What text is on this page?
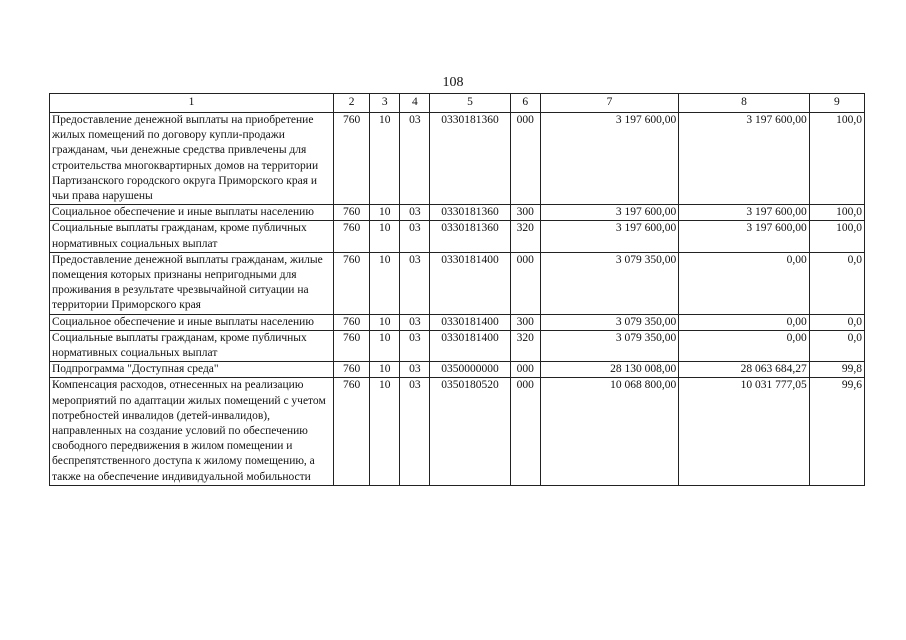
108
1	2	3	4	5	6	7	8	9
Предоставление денежной выплаты на приобретение жилых помещений по договору купли-продажи гражданам, чьи денежные средства привлечены для строительства многоквартирных домов на территории Партизанского городского округа Приморского края и чьи права нарушены	760	10	03	0330181360	000	3 197 600,00	3 197 600,00	100,0
Социальное обеспечение и иные выплаты населению	760	10	03	0330181360	300	3 197 600,00	3 197 600,00	100,0
Социальные выплаты гражданам, кроме публичных нормативных социальных выплат	760	10	03	0330181360	320	3 197 600,00	3 197 600,00	100,0
Предоставление денежной выплаты гражданам, жилые помещения которых признаны непригодными для проживания в результате чрезвычайной ситуации на территории Приморского края	760	10	03	0330181400	000	3 079 350,00	0,00	0,0
Социальное обеспечение и иные выплаты населению	760	10	03	0330181400	300	3 079 350,00	0,00	0,0
Социальные выплаты гражданам, кроме публичных нормативных социальных выплат	760	10	03	0330181400	320	3 079 350,00	0,00	0,0
Подпрограмма "Доступная среда"	760	10	03	0350000000	000	28 130 008,00	28 063 684,27	99,8
Компенсация расходов, отнесенных на реализацию мероприятий по адаптации жилых помещений с учетом потребностей инвалидов (детей-инвалидов), направленных на создание условий по обеспечению свободного передвижения в жилом помещении и беспрепятственного доступа к жилому помещению, а также на обеспечение индивидуальной мобильности	760	10	03	0350180520	000	10 068 800,00	10 031 777,05	99,6
